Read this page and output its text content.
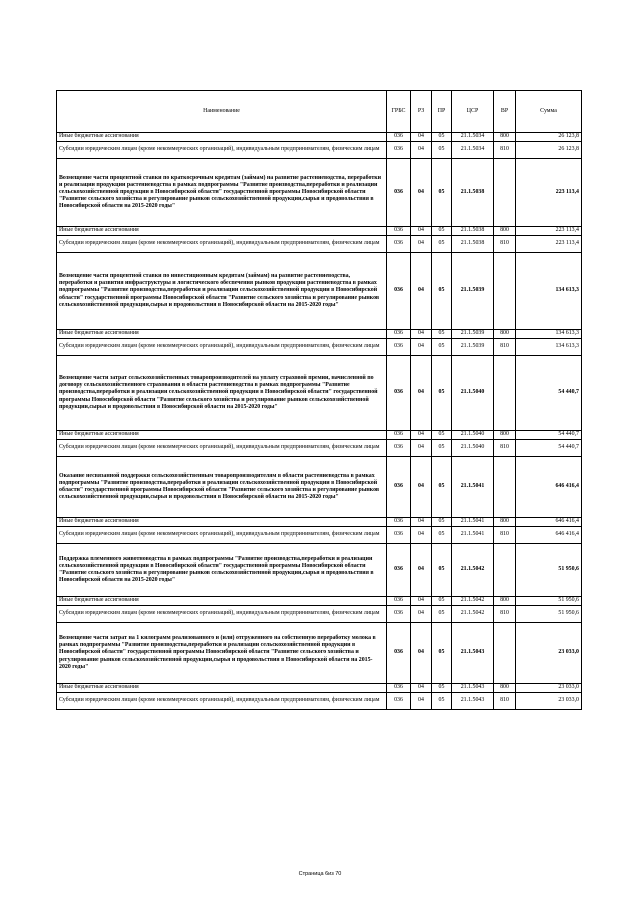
Наименование	ГРБС	РЗ	ПР	ЦСР	ВР	Сумма
Иные бюджетные ассигнования	036	04	05	21.1.5034	800	26 123,8
Субсидии юридическим лицам (кроме некоммерческих организаций), индивидуальным предпринимателям, физическим лицам	036	04	05	21.1.5034	810	26 123,8
Возмещение части процентной ставки по краткосрочным кредитам (займам) на развитие растениеводства, переработки и реализации продукции растениеводства в рамках подпрограммы "Развитие производства,переработки и реализации сельскохозяйственной продукции в Новосибирской области" государственной программы Новосибирской области "Развитие сельского хозяйства и регулирование рынков сельскохозяйственной продукции,сырья и продовольствия в Новосибирской области на 2015-2020 годы"	036	04	05	21.1.5038		223 113,4
Иные бюджетные ассигнования	036	04	05	21.1.5038	800	223 113,4
Субсидии юридическим лицам (кроме некоммерческих организаций), индивидуальным предпринимателям, физическим лицам	036	04	05	21.1.5038	810	223 113,4
Возмещение части процентной ставки по инвестиционным кредитам (займам) на развитие растениеводства, переработки и развития инфраструктуры и логистического обеспечения рынков продукции растениеводства в рамках подпрограммы "Развитие производства,переработки и реализации сельскохозяйственной продукции в Новосибирской области" государственной программы Новосибирской области "Развитие сельского хозяйства и регулирование рынков сельскохозяйственной продукции,сырья и продовольствия в Новосибирской области на 2015-2020 годы"	036	04	05	21.1.5039		134 613,3
Иные бюджетные ассигнования	036	04	05	21.1.5039	800	134 613,3
Субсидии юридическим лицам (кроме некоммерческих организаций), индивидуальным предпринимателям, физическим лицам	036	04	05	21.1.5039	810	134 613,3
Возмещение части затрат сельскохозяйственных товаропроизводителей на уплату страховой премии, начисленной по договору сельскохозяйственного страхования в области растениеводства в рамках подпрограммы "Развитие производства,переработки и реализации сельскохозяйственной продукции в Новосибирской области" государственной программы Новосибирской области "Развитие сельского хозяйства и регулирование рынков сельскохозяйственной продукции,сырья и продовольствия в Новосибирской области на 2015-2020 годы"	036	04	05	21.1.5040		54 440,7
Иные бюджетные ассигнования	036	04	05	21.1.5040	800	54 440,7
Субсидии юридическим лицам (кроме некоммерческих организаций), индивидуальным предпринимателям, физическим лицам	036	04	05	21.1.5040	810	54 440,7
Оказание несвязанной поддержки сельскохозяйственным товаропроизводителям в области растениеводства в рамках подпрограммы "Развитие производства,переработки и реализации сельскохозяйственной продукции в Новосибирской области" государственной программы Новосибирской области "Развитие сельского хозяйства и регулирование рынков сельскохозяйственной продукции,сырья и продовольствия в Новосибирской области на 2015-2020 годы"	036	04	05	21.1.5041		646 416,4
Иные бюджетные ассигнования	036	04	05	21.1.5041	800	646 416,4
Субсидии юридическим лицам (кроме некоммерческих организаций), индивидуальным предпринимателям, физическим лицам	036	04	05	21.1.5041	810	646 416,4
Поддержка племенного животноводства в рамках подпрограммы "Развитие производства,переработки и реализации сельскохозяйственной продукции в Новосибирской области" государственной программы Новосибирской области "Развитие сельского хозяйства и регулирование рынков сельскохозяйственной продукции,сырья и продовольствия в Новосибирской области на 2015-2020 годы"	036	04	05	21.1.5042		51 950,6
Иные бюджетные ассигнования	036	04	05	21.1.5042	800	51 950,6
Субсидии юридическим лицам (кроме некоммерческих организаций), индивидуальным предпринимателям, физическим лицам	036	04	05	21.1.5042	810	51 950,6
Возмещение части затрат на 1 килограмм реализованного и (или) отгруженного на собственную переработку молока в рамках подпрограммы "Развитие производства,переработки и реализации сельскохозяйственной продукции в Новосибирской области" государственной программы Новосибирской области "Развитие сельского хозяйства и регулирование рынков сельскохозяйственной продукции,сырья и продовольствия в Новосибирской области на 2015-2020 годы"	036	04	05	21.1.5043		23 033,0
Иные бюджетные ассигнования	036	04	05	21.1.5043	800	23 033,0
Субсидии юридическим лицам (кроме некоммерческих организаций), индивидуальным предпринимателям, физическим лицам	036	04	05	21.1.5043	810	23 033,0
Страница 6из 70
